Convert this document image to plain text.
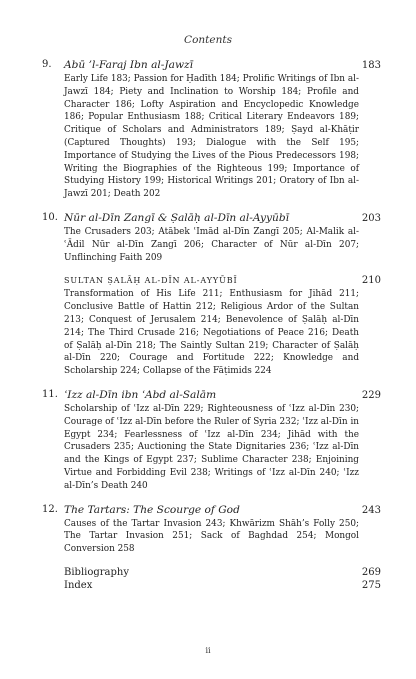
Contents
9.	Abū ’l-Faraj Ibn al-Jawzī	183
Early Life 183; Passion for Ḥadīth 184; Prolific Writings of Ibn al-Jawzī 184; Piety and Inclination to Worship 184; Profile and Character 186; Lofty Aspiration and Encyclopedic Knowledge 186; Popular Enthusiasm 188; Critical Literary Endeavors 189; Critique of Scholars and Administrators 189; Ṣayd al-Khāṭir (Captured Thoughts) 193; Dialogue with the Self 195; Importance of Studying the Lives of the Pious Predecessors 198; Writing the Biographies of the Righteous 199; Importance of Studying History 199; Historical Writings 201; Oratory of Ibn al-Jawzī 201; Death 202
10. Nūr al-Dīn Zangī & Ṣalāḥ al-Dīn al-Ayyūbī	203
The Crusaders 203; Atābek ʿImād al-Dīn Zangī 205; Al-Malik al-ʿĀdil Nūr al-Dīn Zangī 206; Character of Nūr al-Dīn 207; Unflinching Faith 209
SULTAN ṢALĀḤ AL-DĪN AL-AYYŪBĪ	210
Transformation of His Life 211; Enthusiasm for Jihād 211; Conclusive Battle of Hattin 212; Religious Ardor of the Sultan 213; Conquest of Jerusalem 214; Benevolence of Ṣalāḥ al-Dīn 214; The Third Crusade 216; Negotiations of Peace 216; Death of Ṣalāḥ al-Dīn 218; The Saintly Sultan 219; Character of Ṣalāḥ al-Dīn 220; Courage and Fortitude 222; Knowledge and Scholarship 224; Collapse of the Fāṭimids 224
11. ʿIzz al-Dīn ibn ʿAbd al-Salām	229
Scholarship of ʿIzz al-Dīn 229; Righteousness of ʿIzz al-Dīn 230; Courage of ʿIzz al-Dīn before the Ruler of Syria 232; ʿIzz al-Dīn in Egypt 234; Fearlessness of ʿIzz al-Dīn 234; Jihād with the Crusaders 235; Auctioning the State Dignitaries 236; ʿIzz al-Dīn and the Kings of Egypt 237; Sublime Character 238; Enjoining Virtue and Forbidding Evil 238; Writings of ʿIzz al-Dīn 240; ʿIzz al-Dīn’s Death 240
12. The Tartars: The Scourge of God	243
Causes of the Tartar Invasion 243; Khwārizm Shāh’s Folly 250; The Tartar Invasion 251; Sack of Baghdad 254; Mongol Conversion 258
Bibliography	269
Index	275
ii
